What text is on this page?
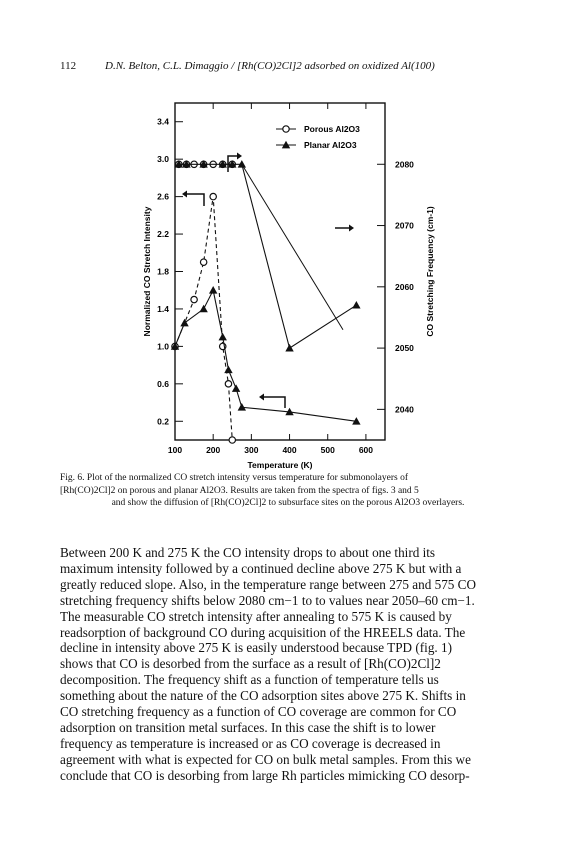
112	D.N. Belton, C.L. Dimaggio / [Rh(CO)2Cl]2 adsorbed on oxidized Al(100)
100	200	300	400	500	600
0.2
0.6
1.0
1.4
1.8
2.2
2.6
3.0
3.4
2040
2050
2060
2070
2080
Temperature (K)
Normalized CO Stretch Intensity	CO Stretching Frequency (cm-1)
Porous Al2O3
Planar Al2O3
Fig. 6. Plot of the normalized CO stretch intensity versus temperature for submonolayers of
[Rh(CO)2Cl]2 on porous and planar Al2O3. Results are taken from the spectra of figs. 3 and 5
and show the diffusion of [Rh(CO)2Cl]2 to subsurface sites on the porous Al2O3 overlayers.

Between 200 K and 275 K the CO intensity drops to about one third its

maximum intensity followed by a continued decline above 275 K but with a

greatly reduced slope. Also, in the temperature range between 275 and 575 CO

stretching frequency shifts below 2080 cm−1 to to values near 2050–60 cm−1.

The measurable CO stretch intensity after annealing to 575 K is caused by

readsorption of background CO during acquisition of the HREELS data. The

decline in intensity above 275 K is easily understood because TPD (fig. 1)

shows that CO is desorbed from the surface as a result of [Rh(CO)2Cl]2

decomposition. The frequency shift as a function of temperature tells us

something about the nature of the CO adsorption sites above 275 K. Shifts in

CO stretching frequency as a function of CO coverage are common for CO

adsorption on transition metal surfaces. In this case the shift is to lower

frequency as temperature is increased or as CO coverage is decreased in

agreement with what is expected for CO on bulk metal samples. From this we

conclude that CO is desorbing from large Rh particles mimicking CO desorp-
